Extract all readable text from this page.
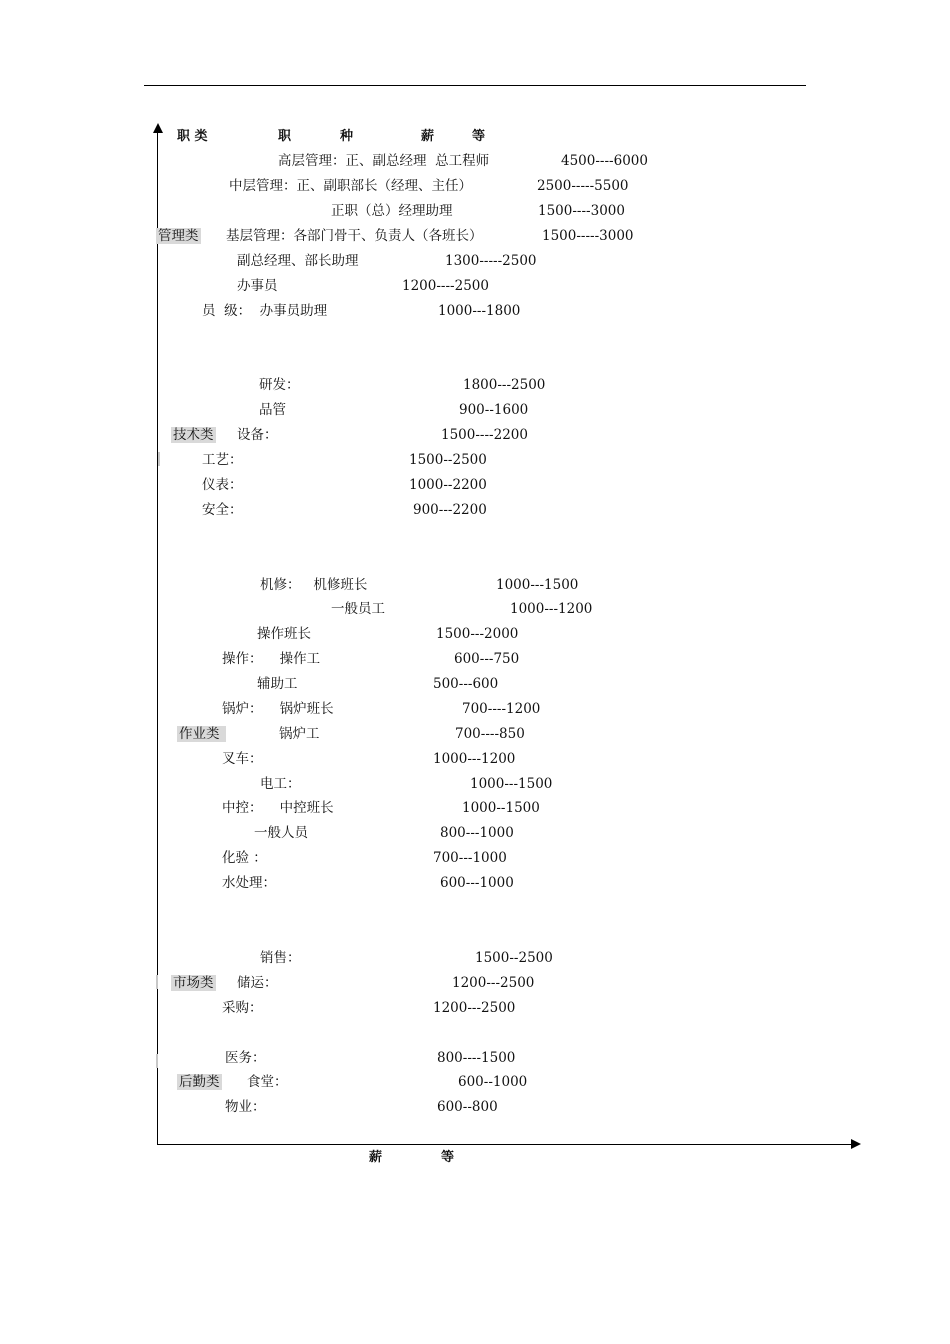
职 类	职	种	薪	等
高层管理：正、副总经理  总工程师	4500----6000
中层管理：正、副职部长（经理、主任）	2500-----5500
正职（总）经理助理	1500----3000
管理类 基层管理：各部门骨干、负责人（各班长）	1500-----3000
副总经理、部长助理	1300-----2500
办事员	1200----2500
员  级：  办事员助理	1000---1800
研发：	1800---2500
品管	900--1600
技术类 设备：	1500----2200
工艺：	1500--2500
仪表：	1000--2200
安全：	900---2200
机修：   机修班长	1000---1500
一般员工	1000---1200
操作班长	1500---2000
操作：    操作工	600---750
辅助工	500---600
锅炉：    锅炉班长	700----1200
作业类	锅炉工	700----850
叉车：	1000---1200
电工：	1000---1500
中控：    中控班长	1000--1500
一般人员	800---1000
化验 ：	700---1000
水处理：	600---1000
销售：	1500--2500
市场类 储运：	1200---2500
采购：	1200---2500
医务：	800----1500
后勤类 食堂：	600--1000
物业：	600--800
薪	等
